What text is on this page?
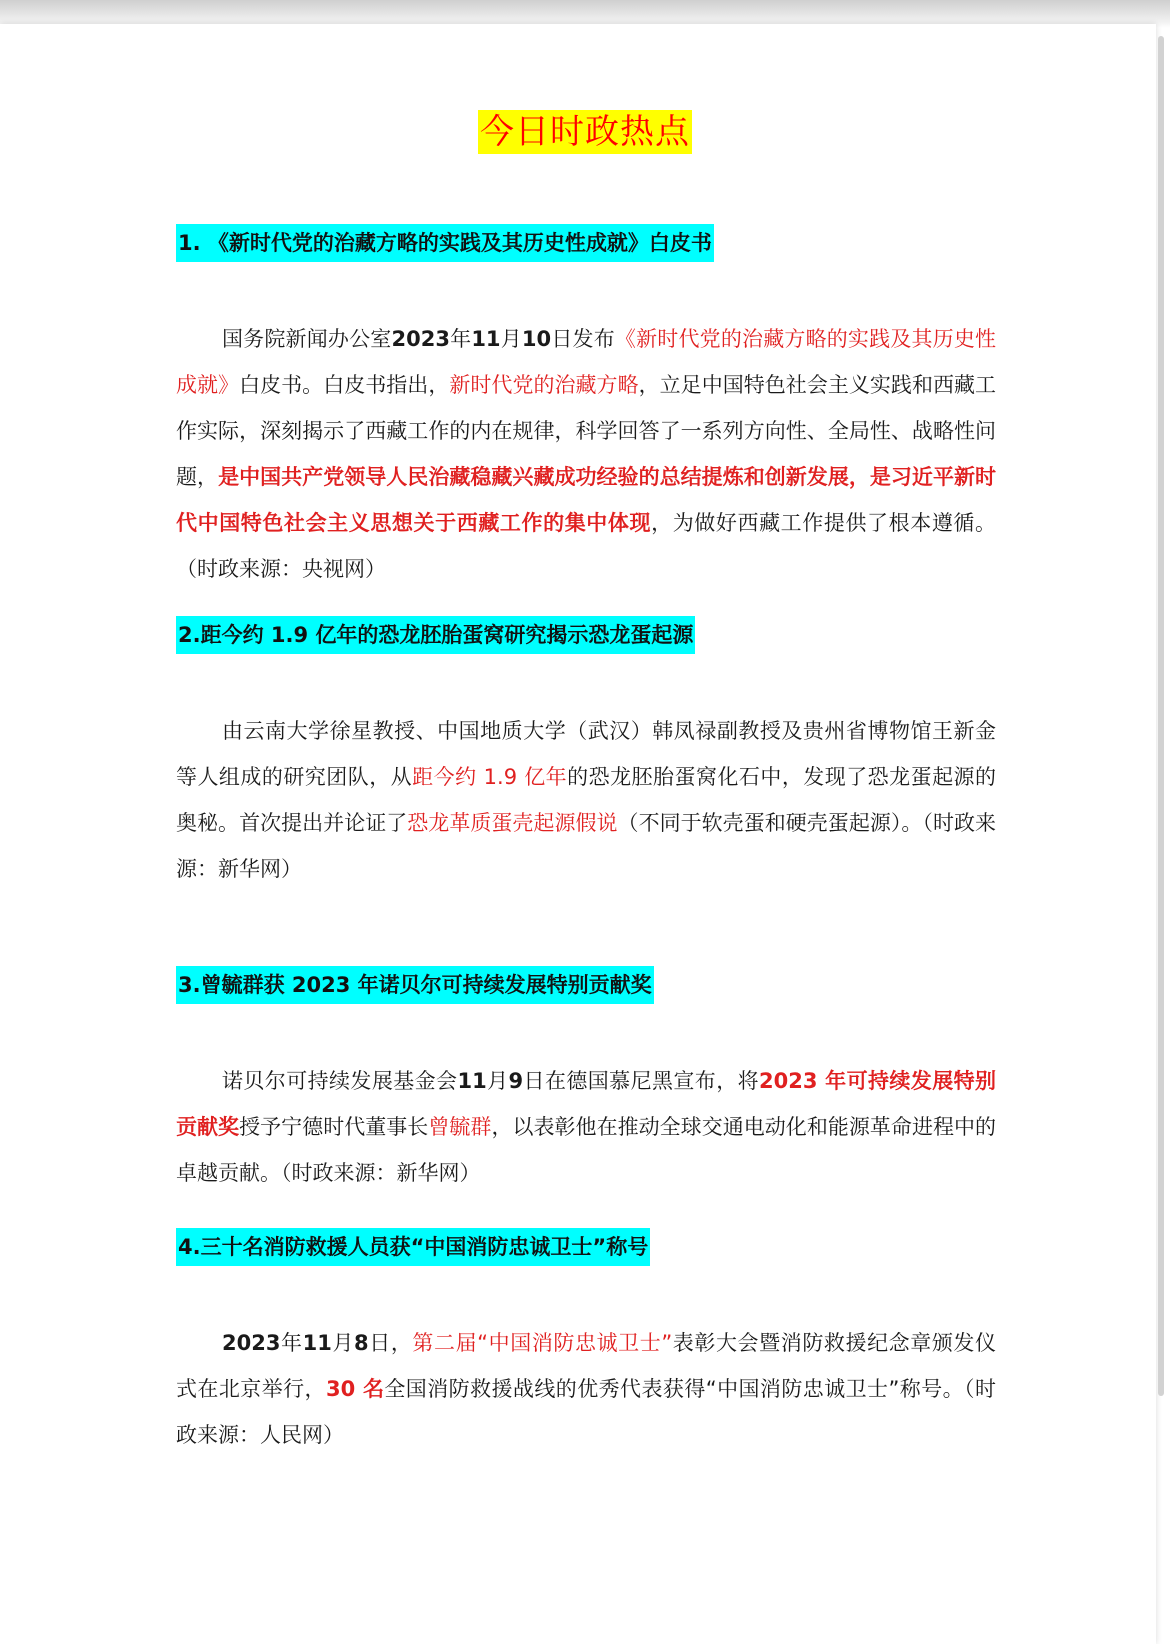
今日时政热点
1. 《新时代党的治藏方略的实践及其历史性成就》白皮书

国务院新闻办公室2023年11月10日发布《新时代党的治藏方略的实践及其历史性成就》白皮书。白皮书指出，新时代党的治藏方略，立足中国特色社会主义实践和西藏工作实际，深刻揭示了西藏工作的内在规律，科学回答了一系列方向性、全局性、战略性问题，是中国共产党领导人民治藏稳藏兴藏成功经验的总结提炼和创新发展，是习近平新时代中国特色社会主义思想关于西藏工作的集中体现，为做好西藏工作提供了根本遵循。（时政来源：央视网）

2.距今约 1.9 亿年的恐龙胚胎蛋窝研究揭示恐龙蛋起源

由云南大学徐星教授、中国地质大学（武汉）韩凤禄副教授及贵州省博物馆王新金等人组成的研究团队，从距今约 1.9 亿年的恐龙胚胎蛋窝化石中，发现了恐龙蛋起源的奥秘。首次提出并论证了恐龙革质蛋壳起源假说（不同于软壳蛋和硬壳蛋起源）。（时政来源：新华网）

3.曾毓群获 2023 年诺贝尔可持续发展特别贡献奖

诺贝尔可持续发展基金会11月9日在德国慕尼黑宣布，将2023 年可持续发展特别贡献奖授予宁德时代董事长曾毓群，以表彰他在推动全球交通电动化和能源革命进程中的卓越贡献。（时政来源：新华网）

4.三十名消防救援人员获“中国消防忠诚卫士”称号

2023年11月8日，第二届“中国消防忠诚卫士”表彰大会暨消防救援纪念章颁发仪式在北京举行，30 名全国消防救援战线的优秀代表获得“中国消防忠诚卫士”称号。（时政来源：人民网）
